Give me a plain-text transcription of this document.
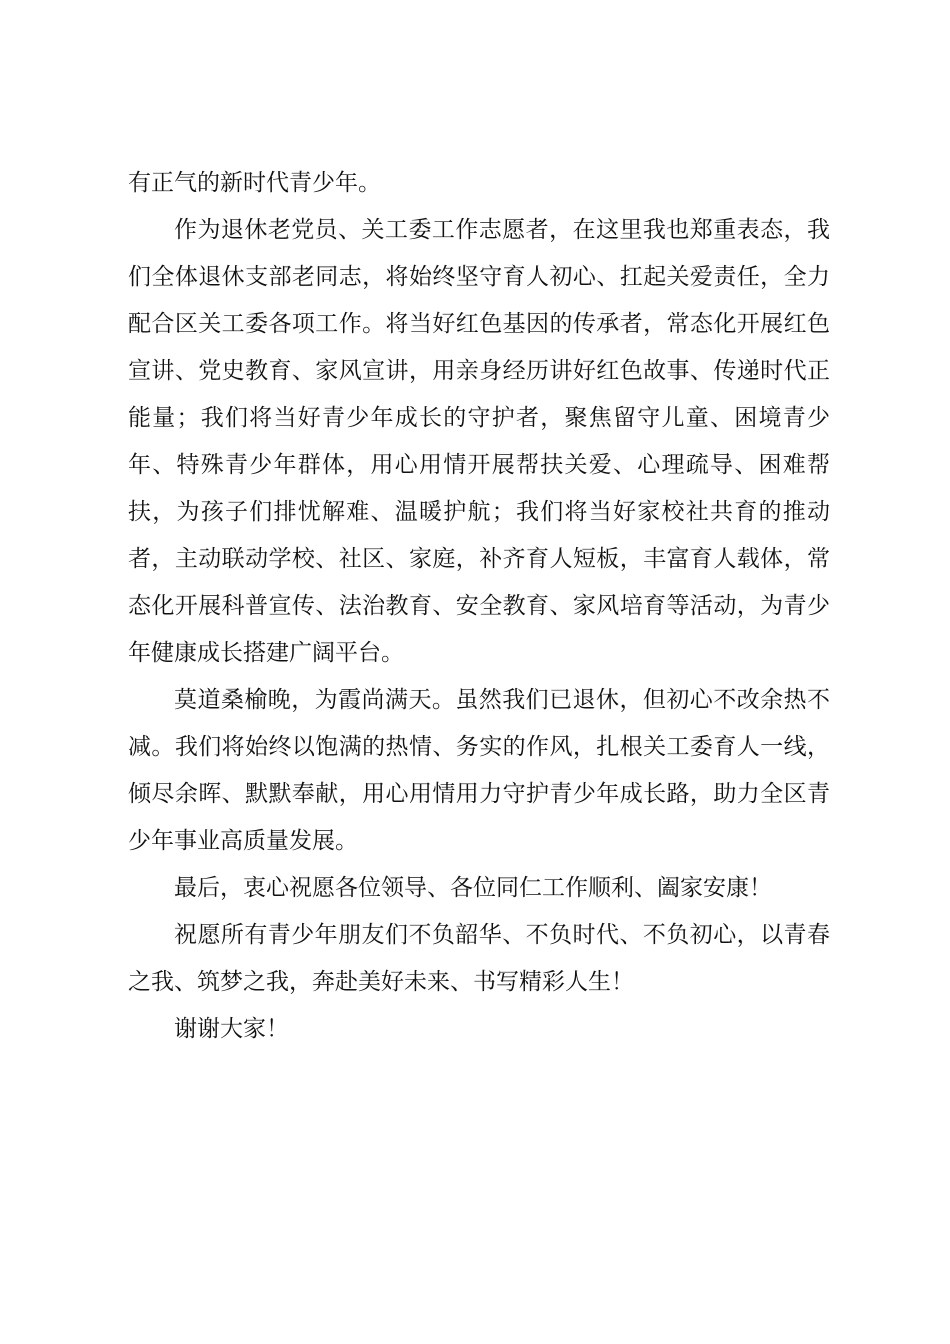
有正气的新时代青少年。

作为退休老党员、关工委工作志愿者，在这里我也郑重表态，我们全体退休支部老同志，将始终坚守育人初心、扛起关爱责任，全力配合区关工委各项工作。将当好红色基因的传承者，常态化开展红色宣讲、党史教育、家风宣讲，用亲身经历讲好红色故事、传递时代正能量；我们将当好青少年成长的守护者，聚焦留守儿童、困境青少年、特殊青少年群体，用心用情开展帮扶关爱、心理疏导、困难帮扶，为孩子们排忧解难、温暖护航；我们将当好家校社共育的推动者，主动联动学校、社区、家庭，补齐育人短板，丰富育人载体，常态化开展科普宣传、法治教育、安全教育、家风培育等活动，为青少年健康成长搭建广阔平台。

莫道桑榆晚，为霞尚满天。虽然我们已退休，但初心不改余热不减。我们将始终以饱满的热情、务实的作风，扎根关工委育人一线，倾尽余晖、默默奉献，用心用情用力守护青少年成长路，助力全区青少年事业高质量发展。

最后，衷心祝愿各位领导、各位同仁工作顺利、阖家安康！

祝愿所有青少年朋友们不负韶华、不负时代、不负初心，以青春之我、筑梦之我，奔赴美好未来、书写精彩人生！

谢谢大家！
